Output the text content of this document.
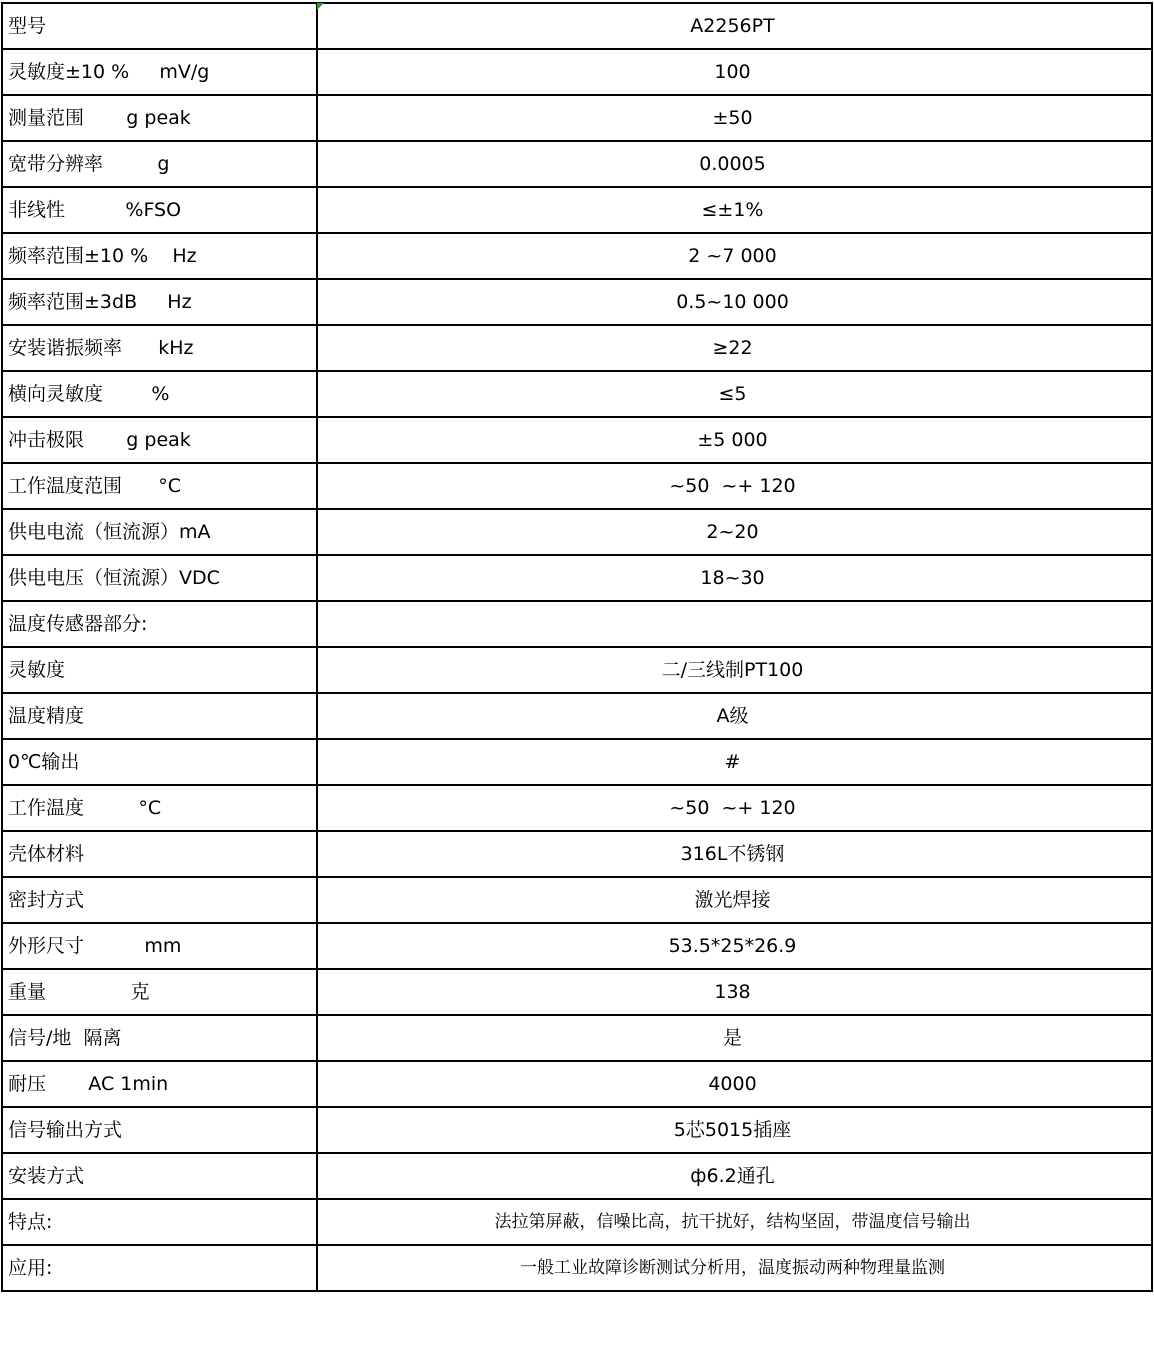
型号	A2256PT
灵敏度±10 %     mV/g	100
测量范围       g peak	±50
宽带分辨率         g	0.0005
非线性          %FSO	≤±1%
频率范围±10 %    Hz	2 ~7 000
频率范围±3dB     Hz	0.5~10 000
安装谐振频率      kHz	≥22
横向灵敏度        %	≤5
冲击极限       g peak	±5 000
工作温度范围      °C	~50  ~+ 120
供电电流（恒流源）mA	2~20
供电电压（恒流源）VDC	18~30
温度传感器部分:	
灵敏度	二/三线制PT100
温度精度	A级
0℃输出	#
工作温度         °C	~50  ~+ 120
壳体材料	316L不锈钢
密封方式	激光焊接
外形尺寸          mm	53.5*25*26.9
重量              克	138
信号/地  隔离	是
耐压       AC 1min	4000
信号输出方式	5芯5015插座
安装方式	ф6.2通孔
特点:	法拉第屏蔽，信噪比高，抗干扰好，结构坚固，带温度信号输出
应用:	一般工业故障诊断测试分析用，温度振动两种物理量监测
